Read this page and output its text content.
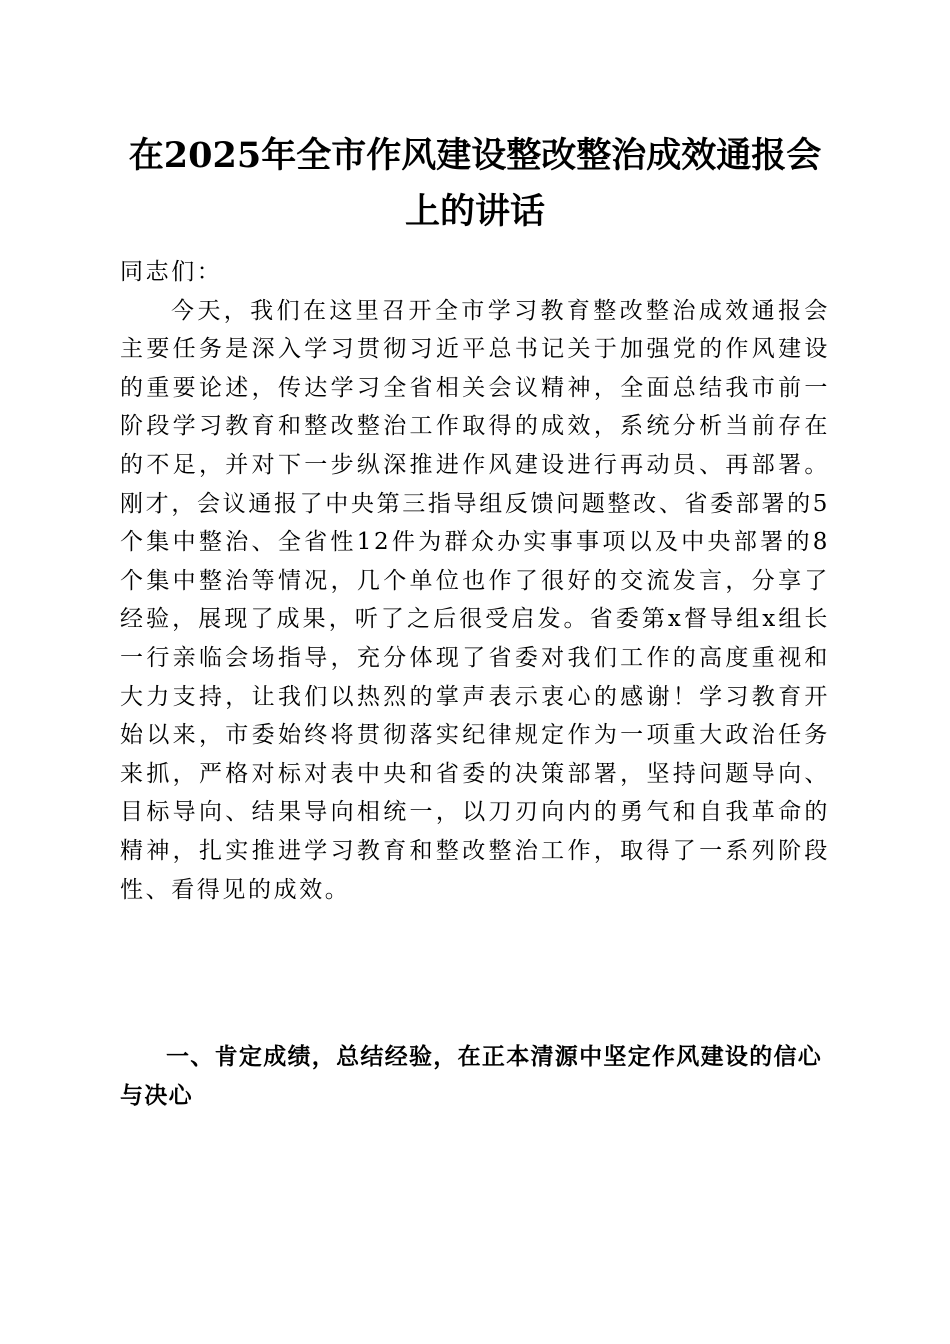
在2025年全市作风建设整改整治成效通报会
上的讲话

同志们：

今天，我们在这里召开全市学习教育整改整治成效通报会主要任务是深入学习贯彻习近平总书记关于加强党的作风建设的重要论述，传达学习全省相关会议精神，全面总结我市前一阶段学习教育和整改整治工作取得的成效，系统分析当前存在的不足，并对下一步纵深推进作风建设进行再动员、再部署。刚才，会议通报了中央第三指导组反馈问题整改、省委部署的5个集中整治、全省性12件为群众办实事事项以及中央部署的8个集中整治等情况，几个单位也作了很好的交流发言，分享了经验，展现了成果，听了之后很受启发。省委第x督导组x组长一行亲临会场指导，充分体现了省委对我们工作的高度重视和大力支持，让我们以热烈的掌声表示衷心的感谢！学习教育开始以来，市委始终将贯彻落实纪律规定作为一项重大政治任务来抓，严格对标对表中央和省委的决策部署，坚持问题导向、目标导向、结果导向相统一，以刀刃向内的勇气和自我革命的精神，扎实推进学习教育和整改整治工作，取得了一系列阶段性、看得见的成效。

一、肯定成绩，总结经验，在正本清源中坚定作风建设的信心与决心
